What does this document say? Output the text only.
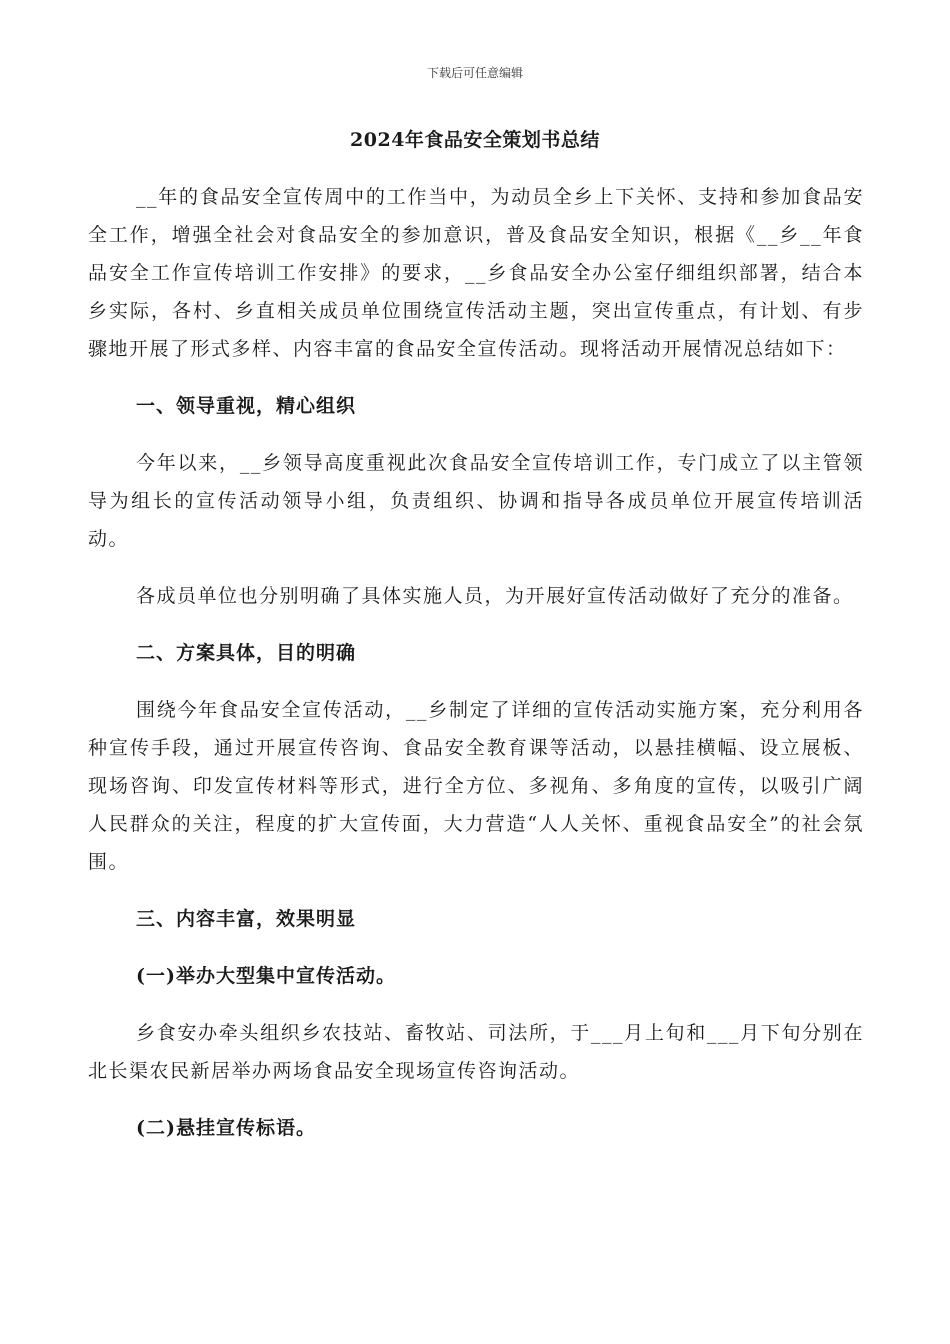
下载后可任意编辑
2024年食品安全策划书总结

__年的食品安全宣传周中的工作当中，为动员全乡上下关怀、支持和参加食品安全工作，增强全社会对食品安全的参加意识，普及食品安全知识，根据《__乡__年食品安全工作宣传培训工作安排》的要求，__乡食品安全办公室仔细组织部署，结合本乡实际，各村、乡直相关成员单位围绕宣传活动主题，突出宣传重点，有计划、有步骤地开展了形式多样、内容丰富的食品安全宣传活动。现将活动开展情况总结如下：

一、领导重视，精心组织

今年以来，__乡领导高度重视此次食品安全宣传培训工作，专门成立了以主管领导为组长的宣传活动领导小组，负责组织、协调和指导各成员单位开展宣传培训活动。

各成员单位也分别明确了具体实施人员，为开展好宣传活动做好了充分的准备。

二、方案具体，目的明确

围绕今年食品安全宣传活动，__乡制定了详细的宣传活动实施方案，充分利用各种宣传手段，通过开展宣传咨询、食品安全教育课等活动，以悬挂横幅、设立展板、现场咨询、印发宣传材料等形式，进行全方位、多视角、多角度的宣传，以吸引广阔人民群众的关注，程度的扩大宣传面，大力营造“人人关怀、重视食品安全”的社会氛围。

三、内容丰富，效果明显

(一)举办大型集中宣传活动。

乡食安办牵头组织乡农技站、畜牧站、司法所，于___月上旬和___月下旬分别在北长渠农民新居举办两场食品安全现场宣传咨询活动。

(二)悬挂宣传标语。
